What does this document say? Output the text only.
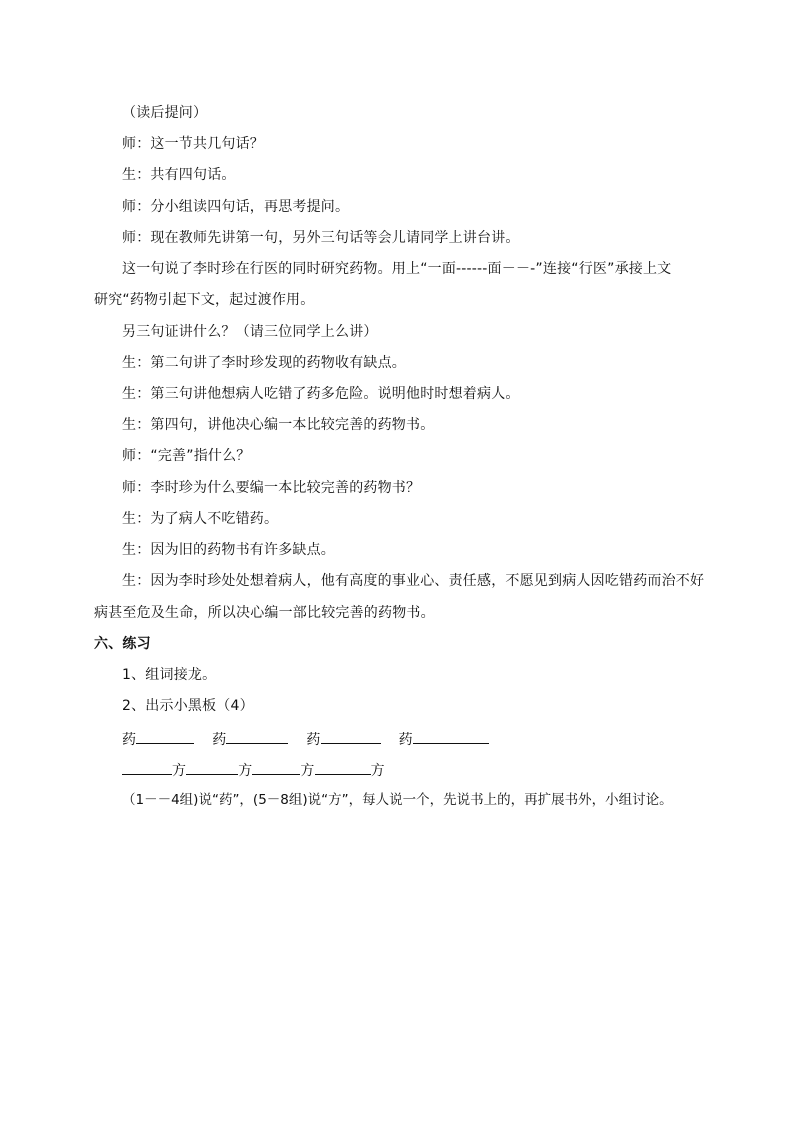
（读后提问）
师：这一节共几句话？
生：共有四句话。
师：分小组读四句话，再思考提问。
师：现在教师先讲第一句，另外三句话等会儿请同学上讲台讲。
这一句说了李时珍在行医的同时研究药物。用上“一面------面－－-”连接“行医”承接上文
研究“药物引起下文，起过渡作用。
另三句证讲什么？（请三位同学上么讲）
生：第二句讲了李时珍发现的药物收有缺点。
生：第三句讲他想病人吃错了药多危险。说明他时时想着病人。
生：第四句，讲他决心编一本比较完善的药物书。
师：“完善”指什么？
师：李时珍为什么要编一本比较完善的药物书？
生：为了病人不吃错药。
生：因为旧的药物书有许多缺点。
生：因为李时珍处处想着病人，他有高度的事业心、责任感，不愿见到病人因吃错药而治不好
病甚至危及生命，所以决心编一部比较完善的药物书。
六、练习
1、组词接龙。
2、出示小黑板（4）
药	药	药	药
方	方	方	方
（1－－4组)说“药”，(5－8组)说“方”，每人说一个，先说书上的，再扩展书外，小组讨论。
